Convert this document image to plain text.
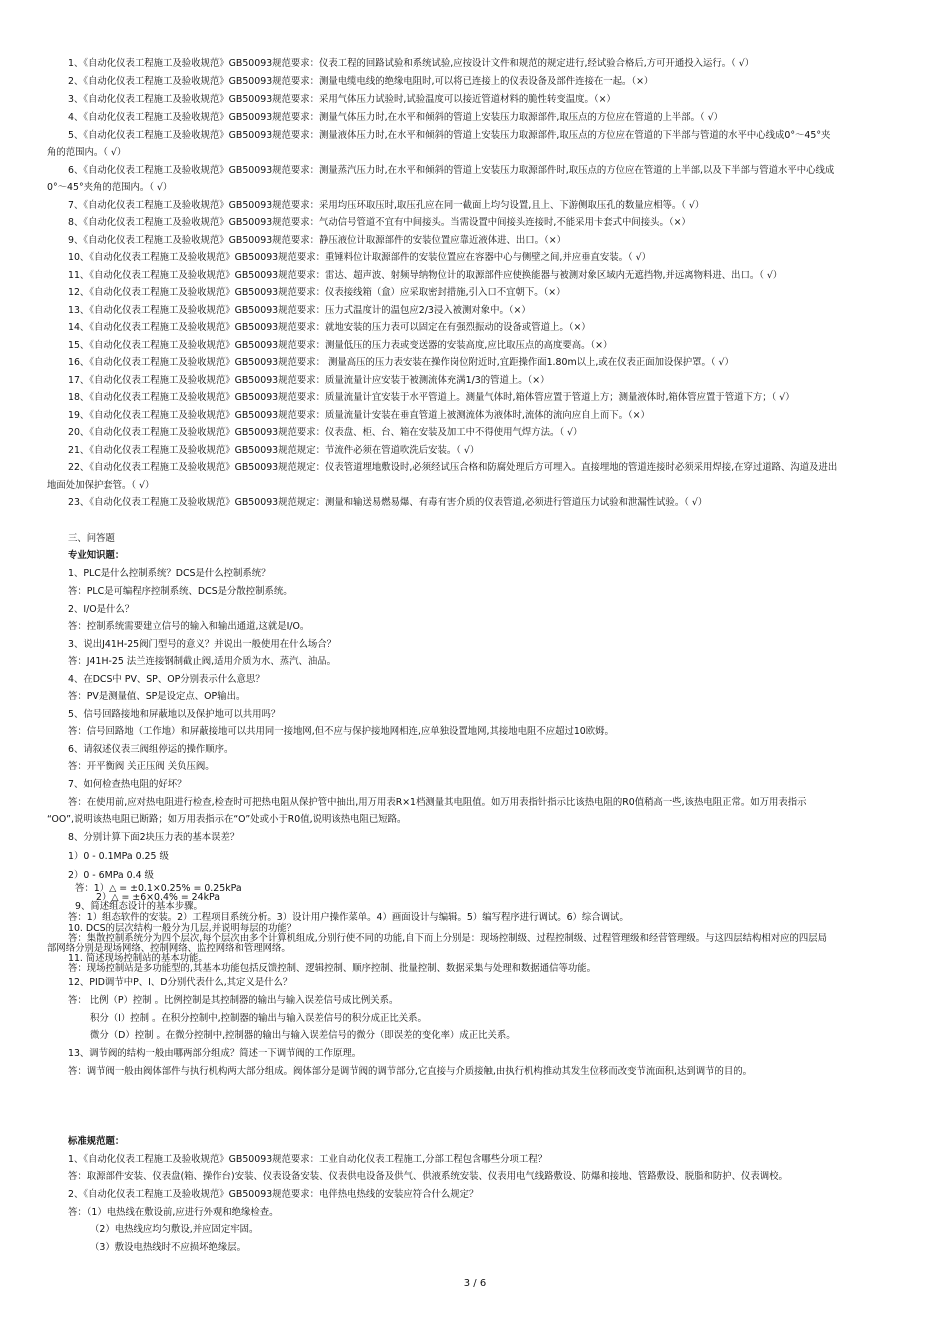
1、《自动化仪表工程施工及验收规范》GB50093规范要求：仪表工程的回路试验和系统试验,应按设计文件和规范的规定进行,经试验合格后,方可开通投入运行。（ √）
2、《自动化仪表工程施工及验收规范》GB50093规范要求：测量电缆电线的绝缘电阻时,可以将已连接上的仪表设备及部件连接在一起。（×）
3、《自动化仪表工程施工及验收规范》GB50093规范要求：采用气体压力试验时,试验温度可以接近管道材料的脆性转变温度。（×）
4、《自动化仪表工程施工及验收规范》GB50093规范要求：测量气体压力时,在水平和倾斜的管道上安装压力取源部件,取压点的方位应在管道的上半部。（ √）
5、《自动化仪表工程施工及验收规范》GB50093规范要求：测量液体压力时,在水平和倾斜的管道上安装压力取源部件,取压点的方位应在管道的下半部与管道的水平中心线成0°～45°夹
角的范围内。（ √）
6、《自动化仪表工程施工及验收规范》GB50093规范要求：测量蒸汽压力时,在水平和倾斜的管道上安装压力取源部件时,取压点的方位应在管道的上半部,以及下半部与管道水平中心线成
0°～45°夹角的范围内。（ √）
7、《自动化仪表工程施工及验收规范》GB50093规范要求：采用均压环取压时,取压孔应在同一截面上均匀设置,且上、下游侧取压孔的数量应相等。（ √）
8、《自动化仪表工程施工及验收规范》GB50093规范要求：气动信号管道不宜有中间接头。当需设置中间接头连接时,不能采用卡套式中间接头。（×）
9、《自动化仪表工程施工及验收规范》GB50093规范要求：静压液位计取源部件的安装位置应靠近液体进、出口。（×）
10、《自动化仪表工程施工及验收规范》GB50093规范要求：重锤料位计取源部件的安装位置应在容器中心与侧壁之间,并应垂直安装。（ √）
11、《自动化仪表工程施工及验收规范》GB50093规范要求：雷达、超声波、射频导纳物位计的取源部件应使换能器与被测对象区域内无遮挡物,并远离物料进、出口。（ √）
12、《自动化仪表工程施工及验收规范》GB50093规范要求：仪表接线箱（盒）应采取密封措施,引入口不宜朝下。（×）
13、《自动化仪表工程施工及验收规范》GB50093规范要求：压力式温度计的温包应2/3浸入被测对象中。（×）
14、《自动化仪表工程施工及验收规范》GB50093规范要求：就地安装的压力表可以固定在有强烈振动的设备或管道上。（×）
15、《自动化仪表工程施工及验收规范》GB50093规范要求：测量低压的压力表或变送器的安装高度,应比取压点的高度要高。（×）
16、《自动化仪表工程施工及验收规范》GB50093规范要求： 测量高压的压力表安装在操作岗位附近时,宜距操作面1.80m以上,或在仪表正面加设保护罩。（ √）
17、《自动化仪表工程施工及验收规范》GB50093规范要求：质量流量计应安装于被测流体充满1/3的管道上。（×）
18、《自动化仪表工程施工及验收规范》GB50093规范要求：质量流量计宜安装于水平管道上。测量气体时,箱体管应置于管道上方；测量液体时,箱体管应置于管道下方；（ √）
19、《自动化仪表工程施工及验收规范》GB50093规范要求：质量流量计安装在垂直管道上被测流体为液体时,流体的流向应自上而下。（×）
20、《自动化仪表工程施工及验收规范》GB50093规范要求：仪表盘、柜、台、箱在安装及加工中不得使用气焊方法。（ √）
21、《自动化仪表工程施工及验收规范》GB50093规范规定：节流件必须在管道吹洗后安装。（ √）
22、《自动化仪表工程施工及验收规范》GB50093规范规定：仪表管道埋地敷设时,必须经试压合格和防腐处理后方可埋入。直接埋地的管道连接时必须采用焊接,在穿过道路、沟道及进出
地面处加保护套管。（ √）
23、《自动化仪表工程施工及验收规范》GB50093规范规定：测量和输送易燃易爆、有毒有害介质的仪表管道,必须进行管道压力试验和泄漏性试验。（ √）
三、问答题
专业知识题：
1、PLC是什么控制系统？DCS是什么控制系统？
答：PLC是可编程序控制系统、DCS是分散控制系统。
2、I/O是什么？
答：控制系统需要建立信号的输入和输出通道,这就是I/O。
3、说出J41H-25阀门型号的意义？并说出一般使用在什么场合？
答：J41H-25 法兰连接钢制截止阀,适用介质为水、蒸汽、油品。
4、在DCS中 PV、SP、OP分别表示什么意思？
答：PV是测量值、SP是设定点、OP输出。
5、信号回路接地和屏蔽地以及保护地可以共用吗？
答：信号回路地（工作地）和屏蔽接地可以共用同一接地网,但不应与保护接地网相连,应单独设置地网,其接地电阻不应超过10欧姆。
6、请叙述仪表三阀组停运的操作顺序。
答：开平衡阀 关正压阀 关负压阀。
7、如何检查热电阻的好坏？
答：在使用前,应对热电阻进行检查,检查时可把热电阻从保护管中抽出,用万用表R×1档测量其电阻值。如万用表指针指示比该热电阻的R0值稍高一些,该热电阻正常。如万用表指示
“OO”,说明该热电阻已断路；如万用表指示在“O”处或小于R0值,说明该热电阻已短路。
8、分别计算下面2块压力表的基本误差？
1）0 - 0.1MPa 0.25 级
2）0 - 6MPa 0.4 级
答：1）△ = ±0.1×0.25% = 0.25kPa
2）△ = ±6×0.4% = 24kPa
9、简述组态设计的基本步骤。
答：1）组态软件的安装。2）工程项目系统分析。3）设计用户操作菜单。4）画面设计与编辑。5）编写程序进行调试。6）综合调试。
10. DCS的层次结构一般分为几层,并说明每层的功能？
答：集散控制系统分为四个层次,每个层次由多个计算机组成,分别行使不同的功能,自下而上分别是：现场控制级、过程控制级、过程管理级和经营管理级。与这四层结构相对应的四层局
部网络分别是现场网络、控制网络、监控网络和管理网络。
11. 简述现场控制站的基本功能。
答：现场控制站是多功能型的,其基本功能包括反馈控制、逻辑控制、顺序控制、批量控制、数据采集与处理和数据通信等功能。
12、PID调节中P、I、D分别代表什么,其定义是什么？
答： 比例（P）控制 。比例控制是其控制器的输出与输入误差信号成比例关系。
积分（I）控制 。在积分控制中,控制器的输出与输入误差信号的积分成正比关系。
微分（D）控制 。在微分控制中,控制器的输出与输入误差信号的微分（即误差的变化率）成正比关系。
13、调节阀的结构一般由哪两部分组成？简述一下调节阀的工作原理。
答：调节阀一般由阀体部件与执行机构两大部分组成。阀体部分是调节阀的调节部分,它直接与介质接触,由执行机构推动其发生位移而改变节流面积,达到调节的目的。
标准规范题：
1、《自动化仪表工程施工及验收规范》GB50093规范要求：工业自动化仪表工程施工,分部工程包含哪些分项工程？
答：取源部件安装、仪表盘(箱、操作台)安装、仪表设备安装、仪表供电设备及供气、供液系统安装、仪表用电气线路敷设、防爆和接地、管路敷设、脱脂和防护、仪表调校。
2、《自动化仪表工程施工及验收规范》GB50093规范要求：电伴热电热线的安装应符合什么规定？
答：（1）电热线在敷设前,应进行外观和绝缘检查。
（2）电热线应均匀敷设,并应固定牢固。
（3）敷设电热线时不应损坏绝缘层。
3 / 6
